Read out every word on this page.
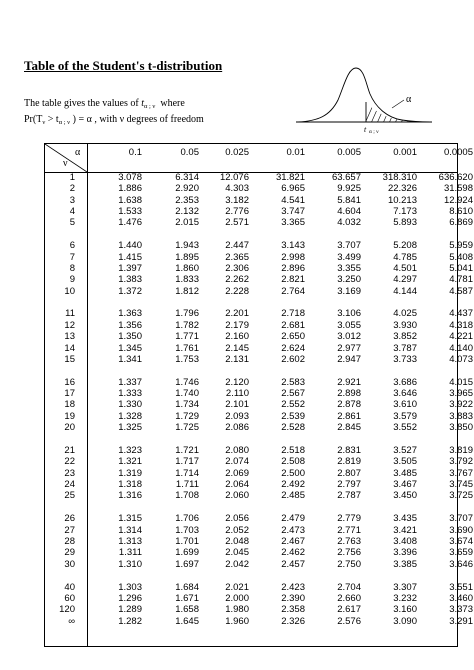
Table of the Student's t-distribution
The table gives the values of $t_{\alpha ; \nu}$ where
$Pr(T_\nu > t_{\alpha ; \nu}$ ) = α , with ν degrees of freedom
α
t α ; ν
α
ν
0.1	0.05	0.025	0.01	0.005	0.001	0.0005
1	3.078	6.314	12.076	31.821	63.657	318.310	636.620
2	1.886	2.920	4.303	6.965	9.925	22.326	31.598
3	1.638	2.353	3.182	4.541	5.841	10.213	12.924
4	1.533	2.132	2.776	3.747	4.604	7.173	8.610
5	1.476	2.015	2.571	3.365	4.032	5.893	6.869
6	1.440	1.943	2.447	3.143	3.707	5.208	5.959
7	1.415	1.895	2.365	2.998	3.499	4.785	5.408
8	1.397	1.860	2.306	2.896	3.355	4.501	5.041
9	1.383	1.833	2.262	2.821	3.250	4.297	4.781
10	1.372	1.812	2.228	2.764	3.169	4.144	4.587
11	1.363	1.796	2.201	2.718	3.106	4.025	4.437
12	1.356	1.782	2.179	2.681	3.055	3.930	4.318
13	1.350	1.771	2.160	2.650	3.012	3.852	4.221
14	1.345	1.761	2.145	2.624	2.977	3.787	4.140
15	1.341	1.753	2.131	2.602	2.947	3.733	4.073
16	1.337	1.746	2.120	2.583	2.921	3.686	4.015
17	1.333	1.740	2.110	2.567	2.898	3.646	3.965
18	1.330	1.734	2.101	2.552	2.878	3.610	3.922
19	1.328	1.729	2.093	2.539	2.861	3.579	3.883
20	1.325	1.725	2.086	2.528	2.845	3.552	3.850
21	1.323	1.721	2.080	2.518	2.831	3.527	3.819
22	1.321	1.717	2.074	2.508	2.819	3.505	3.792
23	1.319	1.714	2.069	2.500	2.807	3.485	3.767
24	1.318	1.711	2.064	2.492	2.797	3.467	3.745
25	1.316	1.708	2.060	2.485	2.787	3.450	3.725
26	1.315	1.706	2.056	2.479	2.779	3.435	3.707
27	1.314	1.703	2.052	2.473	2.771	3.421	3.690
28	1.313	1.701	2.048	2.467	2.763	3.408	3.674
29	1.311	1.699	2.045	2.462	2.756	3.396	3.659
30	1.310	1.697	2.042	2.457	2.750	3.385	3.646
40	1.303	1.684	2.021	2.423	2.704	3.307	3.551
60	1.296	1.671	2.000	2.390	2.660	3.232	3.460
120	1.289	1.658	1.980	2.358	2.617	3.160	3.373
∞	1.282	1.645	1.960	2.326	2.576	3.090	3.291
